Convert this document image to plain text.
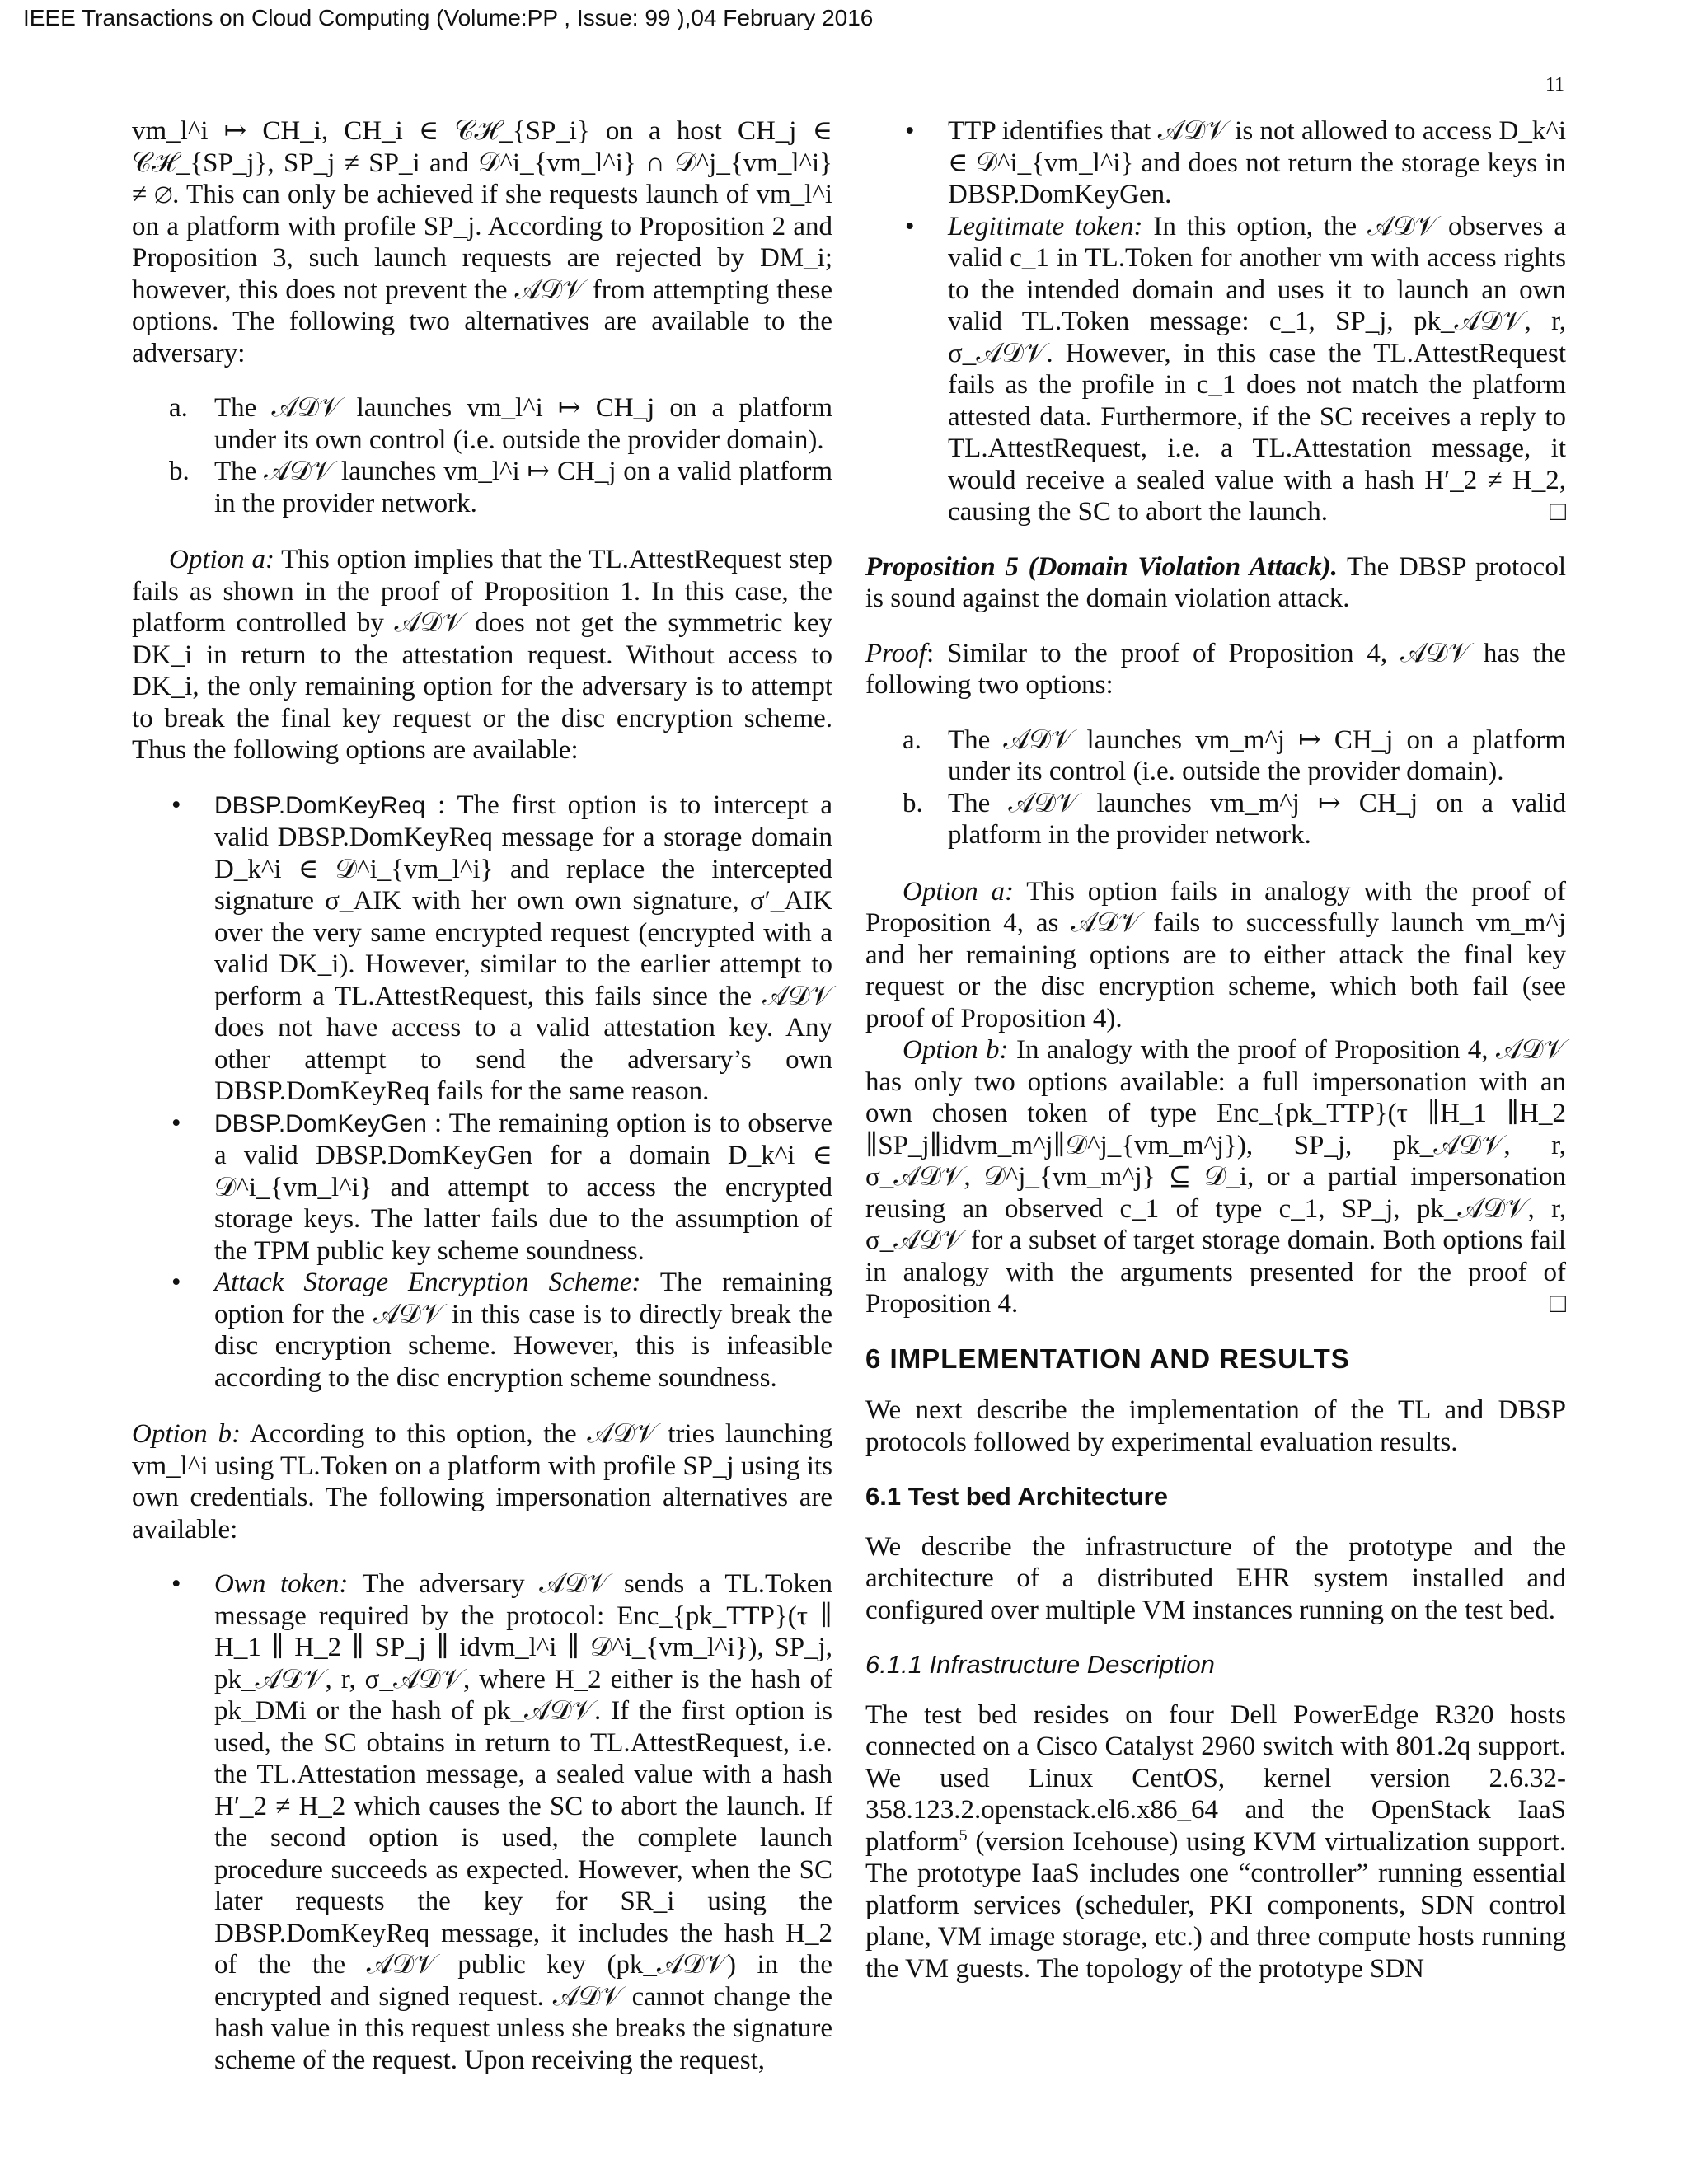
IEEE Transactions on Cloud Computing (Volume:PP , Issue: 99 ),04 February 2016
11

vm_l^i ↦ CH_i, CH_i ∈ 𝒞ℋ_{SP_i} on a host CH_j ∈ 𝒞ℋ_{SP_j}, SP_j ≠ SP_i and 𝒟^i_{vm_l^i} ∩ 𝒟^j_{vm_l^i} ≠ ∅. This can only be achieved if she requests launch of vm_l^i on a platform with profile SP_j. According to Proposition 2 and Proposition 3, such launch requests are rejected by DM_i; however, this does not prevent the 𝒜𝒟𝒱 from attempting these options. The following two alternatives are available to the adversary:

a. The 𝒜𝒟𝒱 launches vm_l^i ↦ CH_j on a platform under its own control (i.e. outside the provider domain).
b. The 𝒜𝒟𝒱 launches vm_l^i ↦ CH_j on a valid platform in the provider network.

Option a: This option implies that the TL.AttestRequest step fails as shown in the proof of Proposition 1. In this case, the platform controlled by 𝒜𝒟𝒱 does not get the symmetric key DK_i in return to the attestation request. Without access to DK_i, the only remaining option for the adversary is to attempt to break the final key request or the disc encryption scheme. Thus the following options are available:

• DBSP.DomKeyReq : The first option is to intercept a valid DBSP.DomKeyReq message for a storage domain D_k^i ∈ 𝒟^i_{vm_l^i} and replace the intercepted signature σ_AIK with her own own signature, σ′_AIK over the very same encrypted request (encrypted with a valid DK_i). However, similar to the earlier attempt to perform a TL.AttestRequest, this fails since the 𝒜𝒟𝒱 does not have access to a valid attestation key. Any other attempt to send the adversary’s own DBSP.DomKeyReq fails for the same reason.
• DBSP.DomKeyGen : The remaining option is to observe a valid DBSP.DomKeyGen for a domain D_k^i ∈ 𝒟^i_{vm_l^i} and attempt to access the encrypted storage keys. The latter fails due to the assumption of the TPM public key scheme soundness.
• Attack Storage Encryption Scheme: The remaining option for the 𝒜𝒟𝒱 in this case is to directly break the disc encryption scheme. However, this is infeasible according to the disc encryption scheme soundness.

Option b: According to this option, the 𝒜𝒟𝒱 tries launching vm_l^i using TL.Token on a platform with profile SP_j using its own credentials. The following impersonation alternatives are available:

• Own token: The adversary 𝒜𝒟𝒱 sends a TL.Token message required by the protocol: Enc_{pk_TTP}(τ ∥ H_1 ∥ H_2 ∥ SP_j ∥ idvm_l^i ∥ 𝒟^i_{vm_l^i}), SP_j, pk_𝒜𝒟𝒱, r, σ_𝒜𝒟𝒱, where H_2 either is the hash of pk_DMi or the hash of pk_𝒜𝒟𝒱. If the first option is used, the SC obtains in return to TL.AttestRequest, i.e. the TL.Attestation message, a sealed value with a hash H′_2 ≠ H_2 which causes the SC to abort the launch. If the second option is used, the complete launch procedure succeeds as expected. However, when the SC later requests the key for SR_i using the DBSP.DomKeyReq message, it includes the hash H_2 of the the 𝒜𝒟𝒱 public key (pk_𝒜𝒟𝒱) in the encrypted and signed request. 𝒜𝒟𝒱 cannot change the hash value in this request unless she breaks the signature scheme of the request. Upon receiving the request,
• TTP identifies that 𝒜𝒟𝒱 is not allowed to access D_k^i ∈ 𝒟^i_{vm_l^i} and does not return the storage keys in DBSP.DomKeyGen.
• Legitimate token: In this option, the 𝒜𝒟𝒱 observes a valid c_1 in TL.Token for another vm with access rights to the intended domain and uses it to launch an own valid TL.Token message: c_1, SP_j, pk_𝒜𝒟𝒱, r, σ_𝒜𝒟𝒱. However, in this case the TL.AttestRequest fails as the profile in c_1 does not match the platform attested data. Furthermore, if the SC receives a reply to TL.AttestRequest, i.e. a TL.Attestation message, it would receive a sealed value with a hash H′_2 ≠ H_2, causing the SC to abort the launch.	□

Proposition 5 (Domain Violation Attack). The DBSP protocol is sound against the domain violation attack.

Proof: Similar to the proof of Proposition 4, 𝒜𝒟𝒱 has the following two options:

a. The 𝒜𝒟𝒱 launches vm_m^j ↦ CH_j on a platform under its control (i.e. outside the provider domain).
b. The 𝒜𝒟𝒱 launches vm_m^j ↦ CH_j on a valid platform in the provider network.

Option a: This option fails in analogy with the proof of Proposition 4, as 𝒜𝒟𝒱 fails to successfully launch vm_m^j and her remaining options are to either attack the final key request or the disc encryption scheme, which both fail (see proof of Proposition 4).

Option b: In analogy with the proof of Proposition 4, 𝒜𝒟𝒱 has only two options available: a full impersonation with an own chosen token of type Enc_{pk_TTP}(τ ∥H_1 ∥H_2 ∥SP_j∥idvm_m^j∥𝒟^j_{vm_m^j}), SP_j, pk_𝒜𝒟𝒱, r, σ_𝒜𝒟𝒱, 𝒟^j_{vm_m^j} ⊆ 𝒟_i, or a partial impersonation reusing an observed c_1 of type c_1, SP_j, pk_𝒜𝒟𝒱, r, σ_𝒜𝒟𝒱 for a subset of target storage domain. Both options fail in analogy with the arguments presented for the proof of Proposition 4.	□

6 IMPLEMENTATION AND RESULTS

We next describe the implementation of the TL and DBSP protocols followed by experimental evaluation results.

6.1 Test bed Architecture

We describe the infrastructure of the prototype and the architecture of a distributed EHR system installed and configured over multiple VM instances running on the test bed.

6.1.1 Infrastructure Description

The test bed resides on four Dell PowerEdge R320 hosts connected on a Cisco Catalyst 2960 switch with 801.2q support. We used Linux CentOS, kernel version 2.6.32-358.123.2.openstack.el6.x86_64 and the OpenStack IaaS platform$^5$ (version Icehouse) using KVM virtualization support. The prototype IaaS includes one “controller” running essential platform services (scheduler, PKI components, SDN control plane, VM image storage, etc.) and three compute hosts running the VM guests. The topology of the prototype SDN
